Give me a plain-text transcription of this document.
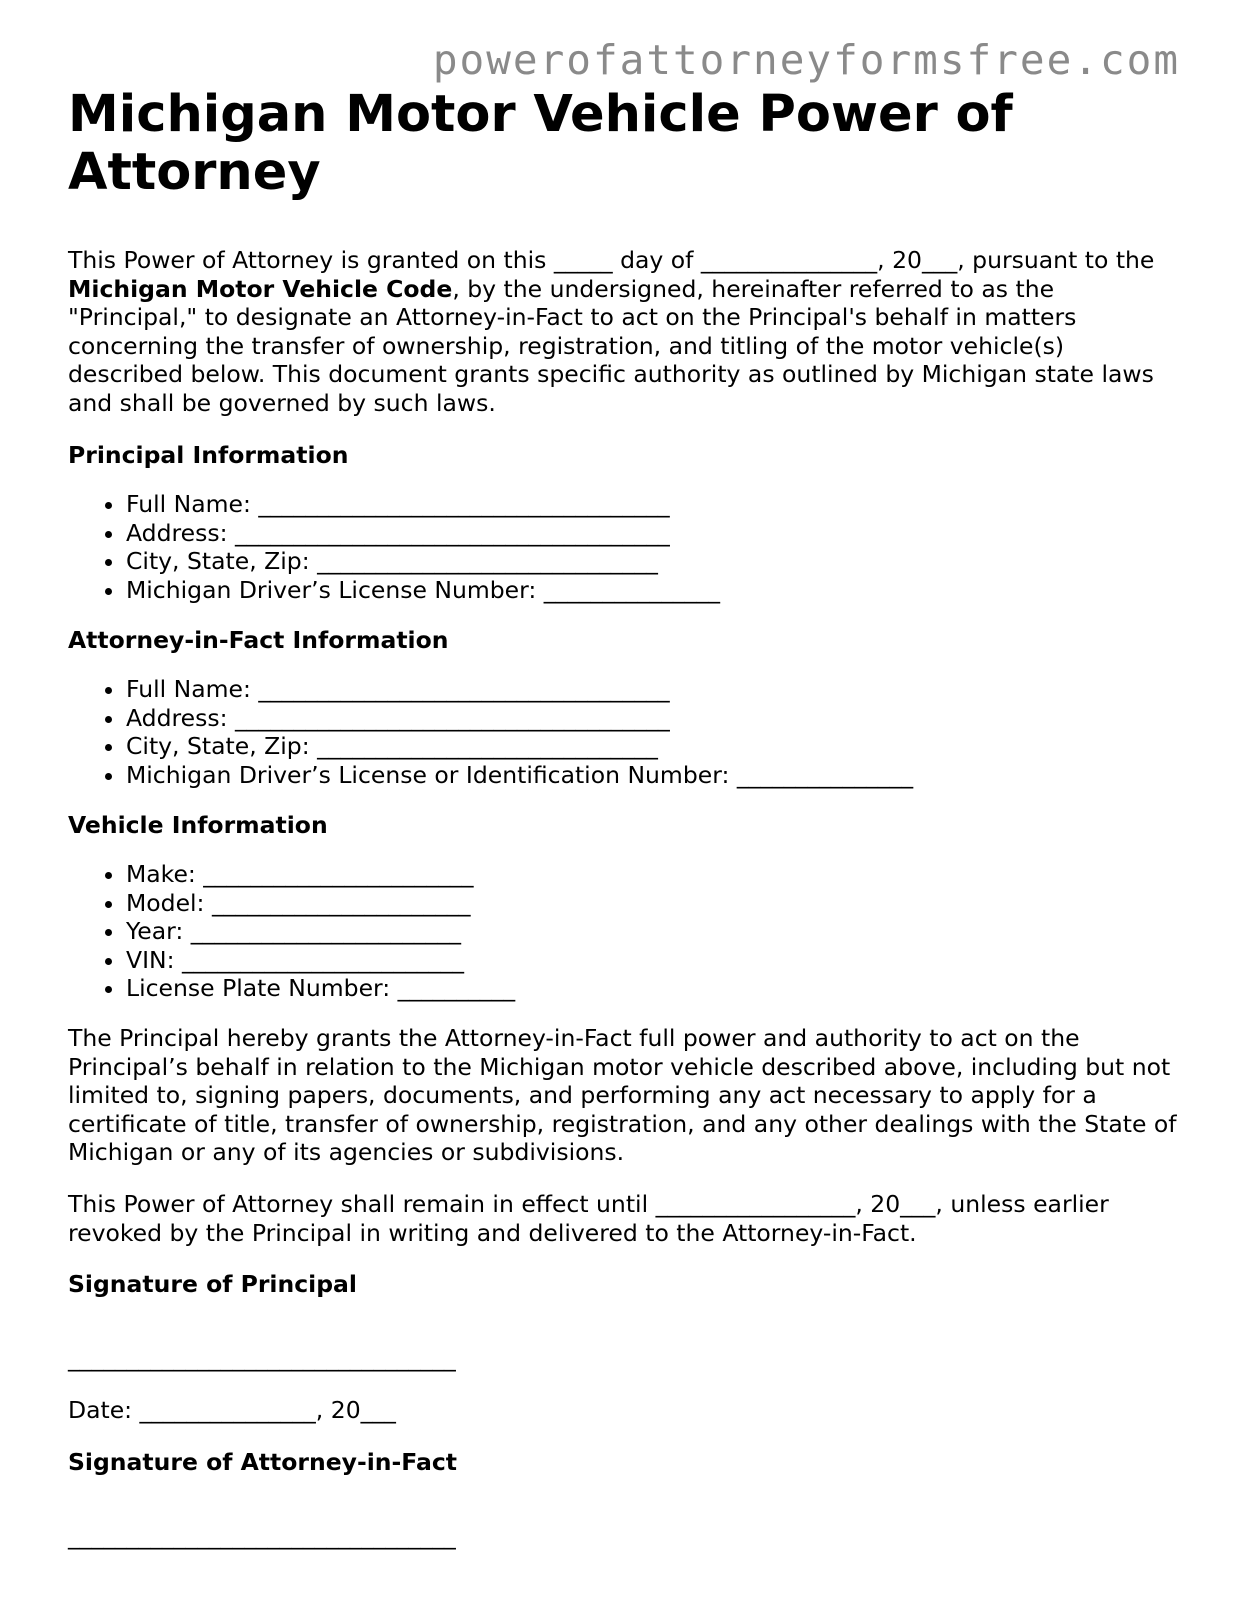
powerofattorneyformsfree.com
Michigan Motor Vehicle Power of Attorney

This Power of Attorney is granted on this _____ day of _______________, 20___, pursuant to the Michigan Motor Vehicle Code, by the undersigned, hereinafter referred to as the "Principal," to designate an Attorney-in-Fact to act on the Principal's behalf in matters concerning the transfer of ownership, registration, and titling of the motor vehicle(s) described below. This document grants specific authority as outlined by Michigan state laws and shall be governed by such laws.

Principal Information
• Full Name: ___________________________________
• Address: _____________________________________
• City, State, Zip: _____________________________
• Michigan Driver’s License Number: _______________
Attorney-in-Fact Information
• Full Name: ___________________________________
• Address: _____________________________________
• City, State, Zip: _____________________________
• Michigan Driver’s License or Identification Number: _______________
Vehicle Information
• Make: _______________________
• Model: ______________________
• Year: _______________________
• VIN: ________________________
• License Plate Number: __________

The Principal hereby grants the Attorney-in-Fact full power and authority to act on the Principal’s behalf in relation to the Michigan motor vehicle described above, including but not limited to, signing papers, documents, and performing any act necessary to apply for a certificate of title, transfer of ownership, registration, and any other dealings with the State of Michigan or any of its agencies or subdivisions.

This Power of Attorney shall remain in effect until _________________, 20___, unless earlier revoked by the Principal in writing and delivered to the Attorney-in-Fact.

Signature of Principal
_________________________________

Date: _______________, 20___

Signature of Attorney-in-Fact
_________________________________
